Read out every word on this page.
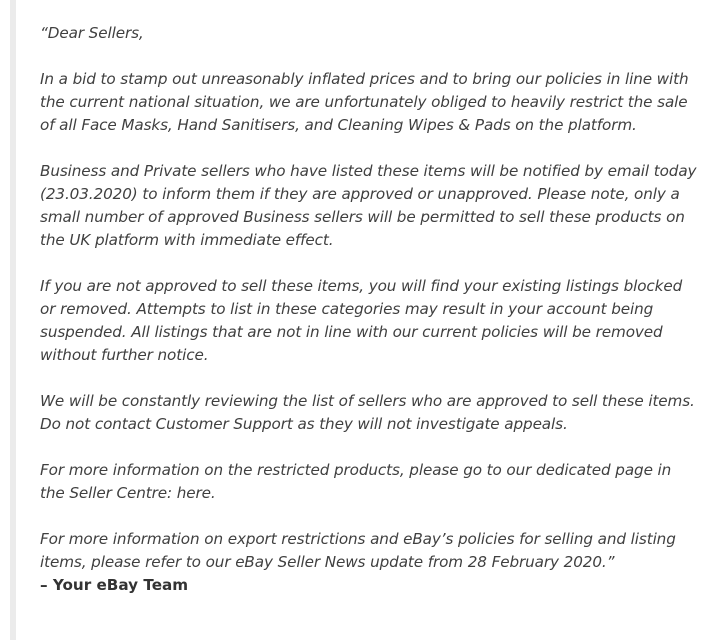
“Dear Sellers,

In a bid to stamp out unreasonably inflated prices and to bring our policies in line with the current national situation, we are unfortunately obliged to heavily restrict the sale of all Face Masks, Hand Sanitisers, and Cleaning Wipes & Pads on the platform.

Business and Private sellers who have listed these items will be notified by email today (23.03.2020) to inform them if they are approved or unapproved. Please note, only a small number of approved Business sellers will be permitted to sell these products on the UK platform with immediate effect.

If you are not approved to sell these items, you will find your existing listings blocked or removed. Attempts to list in these categories may result in your account being suspended. All listings that are not in line with our current policies will be removed without further notice.

We will be constantly reviewing the list of sellers who are approved to sell these items. Do not contact Customer Support as they will not investigate appeals.

For more information on the restricted products, please go to our dedicated page in the Seller Centre: here.

For more information on export restrictions and eBay’s policies for selling and listing items, please refer to our eBay Seller News update from 28 February 2020.”

– Your eBay Team
